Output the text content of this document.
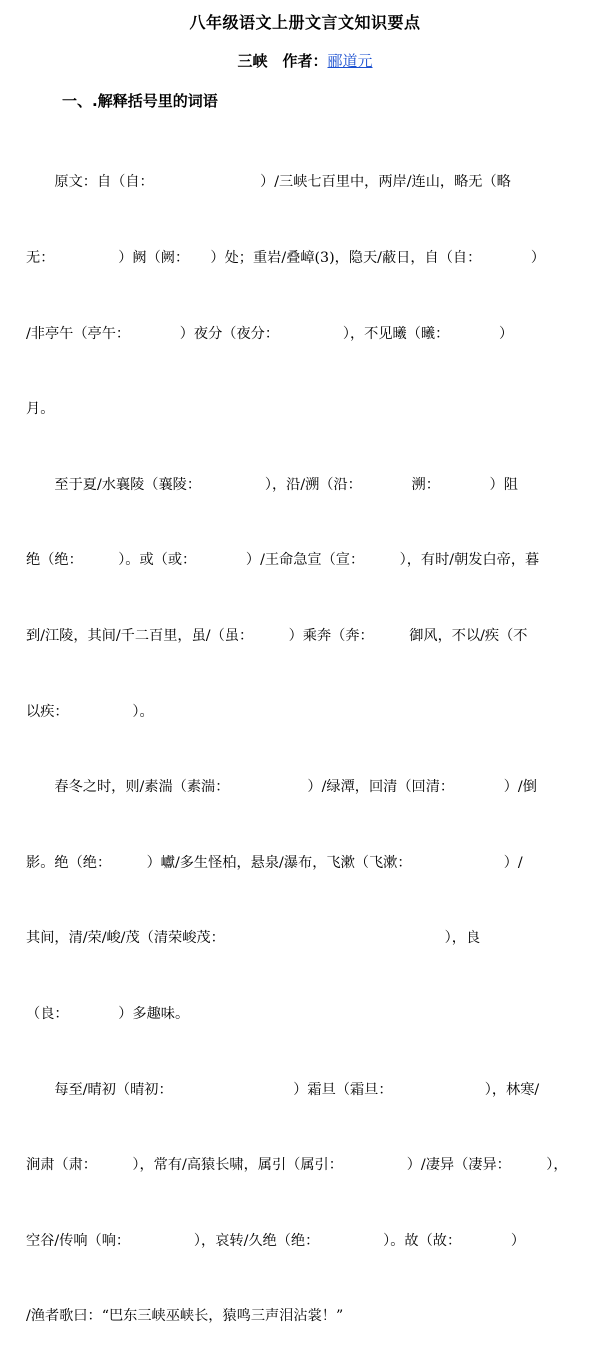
八年级语文上册文言文知识要点
三峡　作者：郦道元
一、.解释括号里的词语

　　原文：自（自：　　　　　　　　）/三峡七百里中，两岸/连山，略无（略

无：　　　　　）阙（阙：　　）处；重岩/叠嶂(3)，隐天/蔽日，自（自：　　　　）

/非亭午（亭午：　　　　）夜分（夜分：　　　　　），不见曦（曦：　　　　）

月。

　　至于夏/水襄陵（襄陵：　　　　　），沿/溯（沿：　　　　溯：　　　　）阻

绝（绝：　　　）。或（或：　　　　）/王命急宣（宣：　　　），有时/朝发白帝，暮

到/江陵，其间/千二百里，虽/（虽：　　　）乘奔（奔：　　　御风，不以/疾（不

以疾：　　　　　）。

　　春冬之时，则/素湍（素湍：　　　　　　）/绿潭，回清（回清：　　　　）/倒

影。绝（绝：　　　）巘/多生怪柏，悬泉/瀑布，飞漱（飞漱：　　　　　　　）/

其间，清/荣/峻/茂（清荣峻茂：　　　　　　　　　　　　　　　　），良

（良：　　　　）多趣味。

　　每至/晴初（晴初：　　　　　　　　　）霜旦（霜旦：　　　　　　　），林寒/

涧肃（肃：　　　），常有/高猿长啸，属引（属引：　　　　　）/凄异（凄异：　　　），

空谷/传响（响：　　　　　），哀转/久绝（绝：　　　　　）。故（故：　　　　）

/渔者歌曰：“巴东三峡巫峡长，猿鸣三声泪沾裳！”
